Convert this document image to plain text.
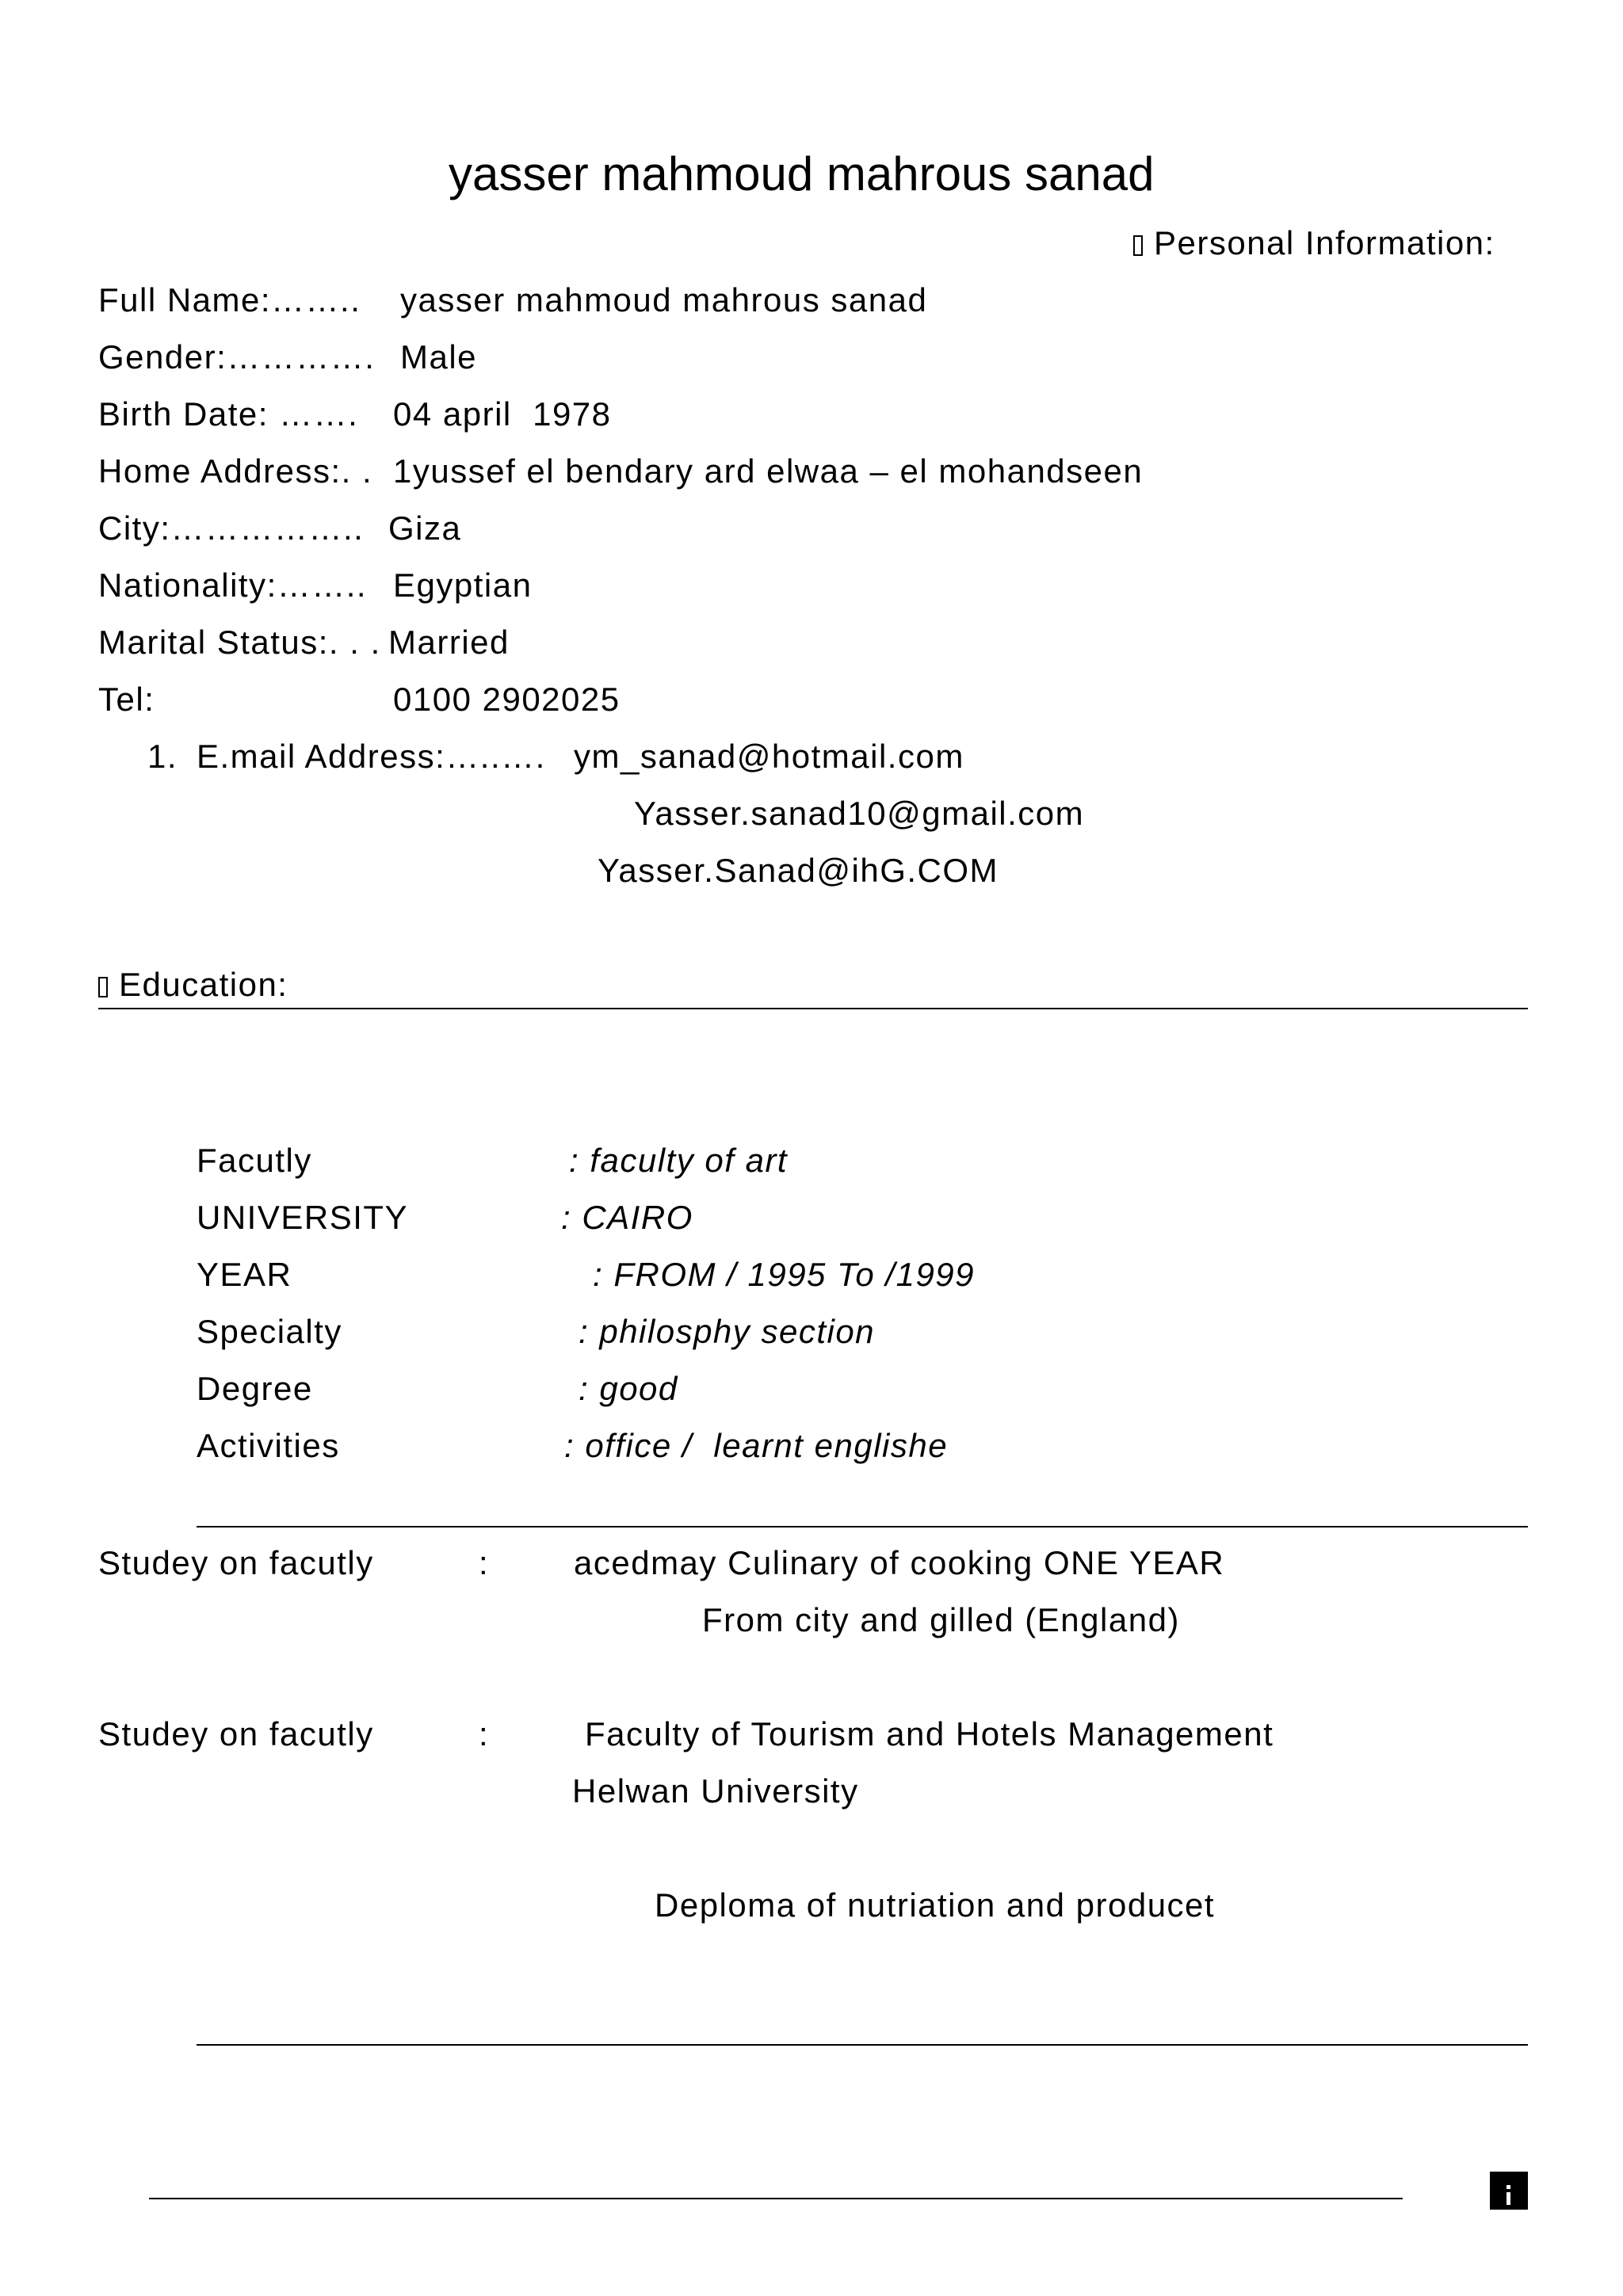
yasser mahmoud mahrous sanad
Personal Information:
Full Name:…….. yasser mahmoud mahrous sanad
Gender:…………. Male
Birth Date: ……. 04 april  1978
Home Address:. . 1yussef el bendary ard elwaa – el mohandseen
City:…………….. Giza
Nationality:…….. Egyptian
Marital Status:. . . Married
Tel:	0100 2902025
1. E.mail Address:…..…. ym_sanad@hotmail.com
Yasser.sanad10@gmail.com
Yasser.Sanad@ihG.COM
Education:
Facutly	: faculty of art
UNIVERSITY	: CAIRO
YEAR	: FROM / 1995 To /1999
Specialty	: philosphy section
Degree	: good
Activities	: office /  learnt englishe
Studey on facutly	:	acedmay Culinary of cooking ONE YEAR
From city and gilled (England)
Studey on facutly	:	Faculty of Tourism and Hotels Management
Helwan University
Deploma of nutriation and producet
